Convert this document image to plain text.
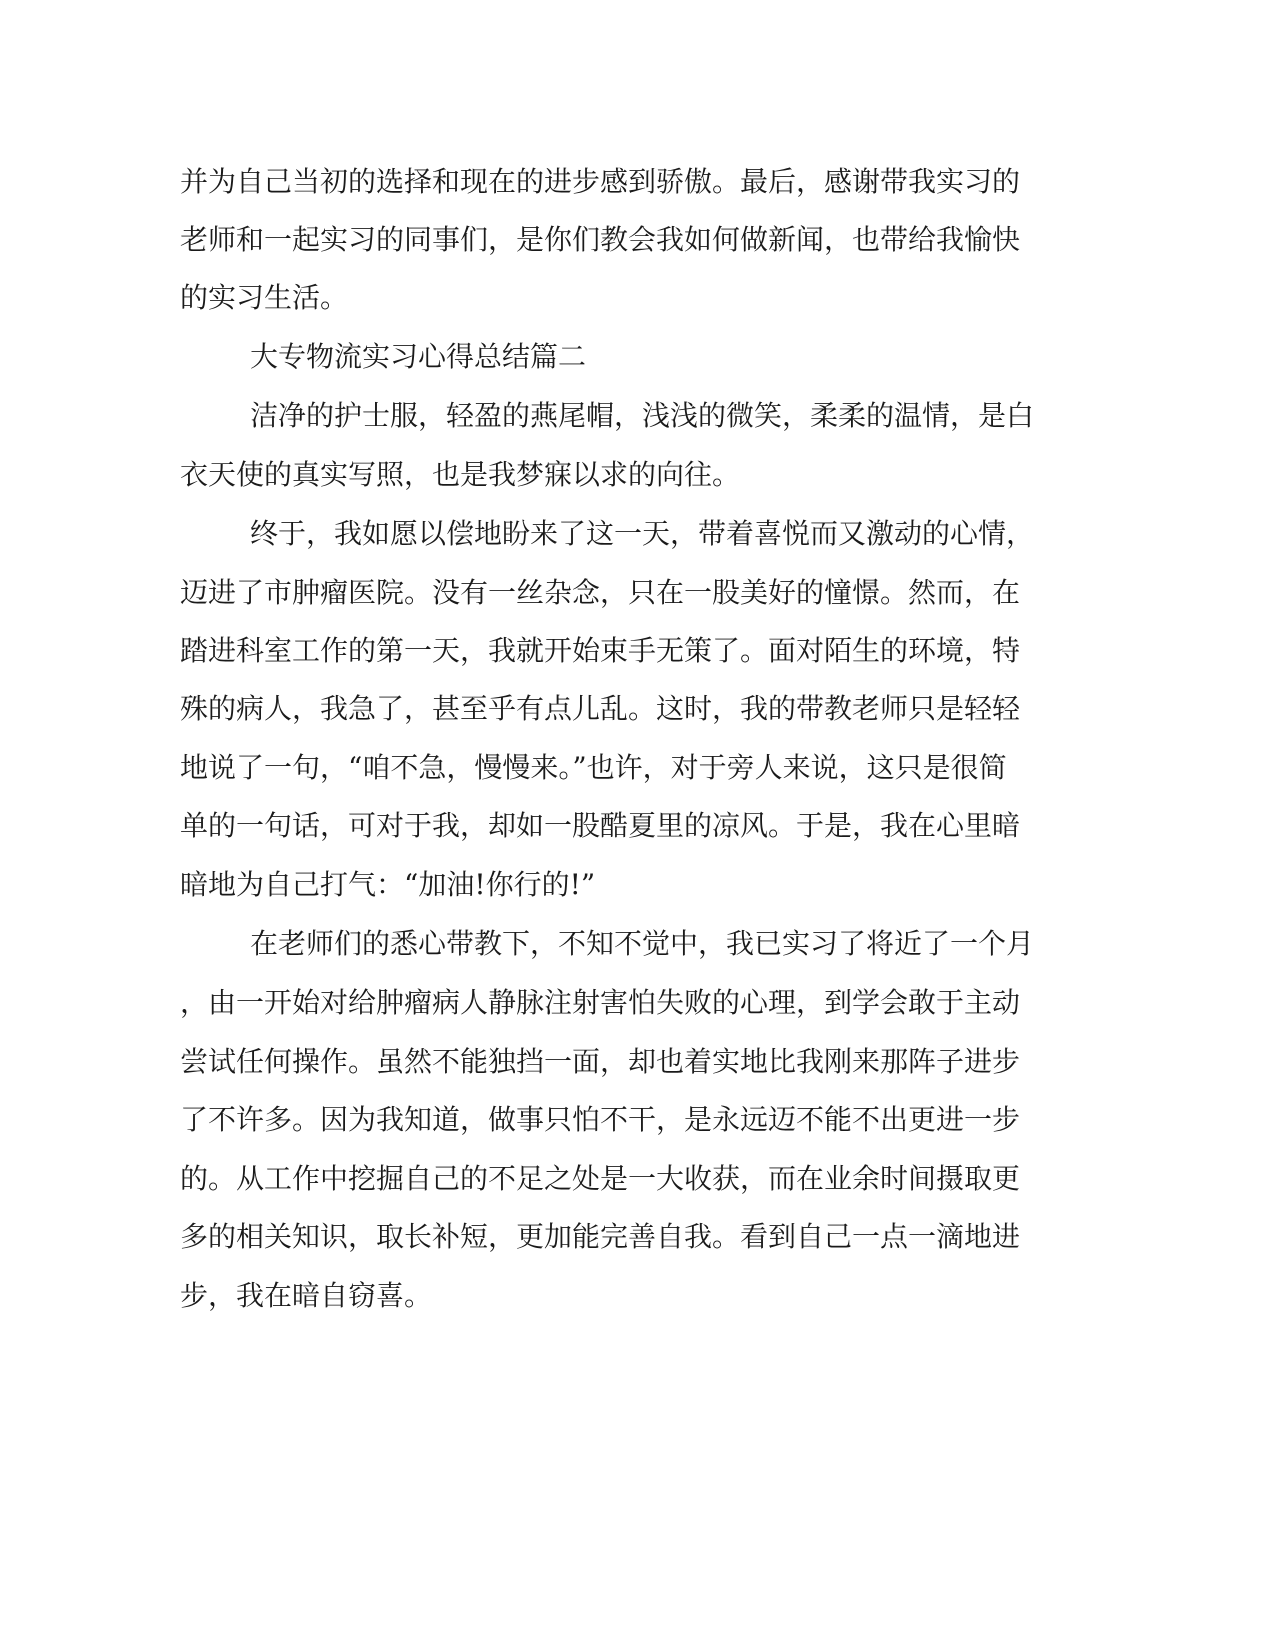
并为自己当初的选择和现在的进步感到骄傲。最后，感谢带我实习的

老师和一起实习的同事们，是你们教会我如何做新闻，也带给我愉快

的实习生活。

大专物流实习心得总结篇二

洁净的护士服，轻盈的燕尾帽，浅浅的微笑，柔柔的温情，是白

衣天使的真实写照，也是我梦寐以求的向往。

终于，我如愿以偿地盼来了这一天，带着喜悦而又激动的心情，

迈进了市肿瘤医院。没有一丝杂念，只在一股美好的憧憬。然而，在

踏进科室工作的第一天，我就开始束手无策了。面对陌生的环境，特

殊的病人，我急了，甚至乎有点儿乱。这时，我的带教老师只是轻轻

地说了一句，“咱不急，慢慢来。”也许，对于旁人来说，这只是很简

单的一句话，可对于我，却如一股酷夏里的凉风。于是，我在心里暗

暗地为自己打气：“加油!你行的!”

在老师们的悉心带教下，不知不觉中，我已实习了将近了一个月

，由一开始对给肿瘤病人静脉注射害怕失败的心理，到学会敢于主动

尝试任何操作。虽然不能独挡一面，却也着实地比我刚来那阵子进步

了不许多。因为我知道，做事只怕不干，是永远迈不能不出更进一步

的。从工作中挖掘自己的不足之处是一大收获，而在业余时间摄取更

多的相关知识，取长补短，更加能完善自我。看到自己一点一滴地进

步，我在暗自窃喜。
